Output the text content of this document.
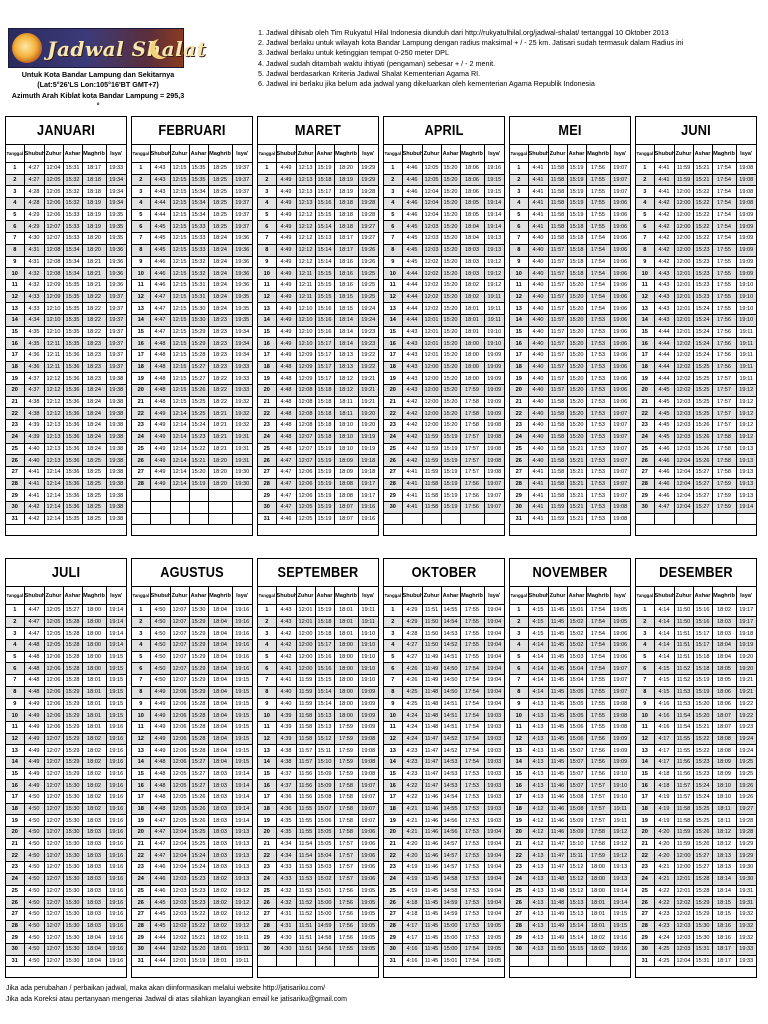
Jadwal Shalat
Untuk Kota Bandar Lampung dan Sekitarnya
(Lat:5°26'LS Lon:105°16'BT GMT+7)
Azimuth Arah Kiblat kota Bandar Lampung = 295,3 °
1. Jadwal dihisab oleh Tim Rukyatul Hilal Indonesia diunduh dari http://rukyatulhilal.org/jadwal-shalat/ tertanggal 10 Oktober 2013
2. Jadwal berlaku untuk wilayah kota Bandar Lampung dengan radius maksimal + / - 25 km. Jatisari sudah termasuk dalam Radius ini
3. Jadwal berlaku untuk ketinggian tempat 0-250 meter DPL
4. Jadwal sudah ditambah waktu ihtiyati (pengaman) sebesar + / - 2 menit.
5. Jadwal berdasarkan Kriteria Jadwal Shalat Kementerian Agama RI.
6. Jadwal ini berlaku jika belum ada jadwal yang dikeluarkan oleh kementerian Agama Republik Indonesia
JANUARI
Tanggal	Shubuh	Zuhur	Ashar	Maghrib	Isya'
1	4:27	12:04	15:31	18:17	19:33
2	4:27	12:05	15:32	18:18	19:34
3	4:28	12:05	15:32	18:18	19:34
4	4:28	12:06	15:32	18:19	19:34
5	4:29	12:06	15:33	18:19	19:35
6	4:29	12:07	15:33	18:19	19:35
7	4:30	12:07	15:33	18:20	19:35
8	4:31	12:08	15:34	18:20	19:36
9	4:31	12:08	15:34	18:21	19:36
10	4:32	12:08	15:34	18:21	19:36
11	4:32	12:09	15:35	18:21	19:36
12	4:33	12:09	15:35	18:22	19:37
13	4:33	12:10	15:35	18:22	19:37
14	4:34	12:10	15:35	18:22	19:37
15	4:35	12:10	15:35	18:22	19:37
16	4:35	12:11	15:35	18:23	19:37
17	4:36	12:11	15:36	18:23	19:37
18	4:36	12:11	15:36	18:23	19:37
19	4:37	12:12	15:36	18:23	19:38
20	4:37	12:12	15:36	18:24	19:38
21	4:38	12:12	15:36	18:24	19:38
22	4:38	12:12	15:36	18:24	19:38
23	4:39	12:13	15:36	18:24	19:38
24	4:39	12:13	15:36	18:24	19:38
25	4:40	12:13	15:36	18:24	19:38
26	4:40	12:13	15:36	18:25	19:38
27	4:41	12:14	15:36	18:25	19:38
28	4:41	12:14	15:36	18:25	19:38
29	4:41	12:14	15:36	18:25	19:38
30	4:42	12:14	15:36	18:25	19:38
31	4:42	12:14	15:35	18:25	19:38
FEBRUARI
Tanggal	Shubuh	Zuhur	Ashar	Maghrib	Isya'
1	4:43	12:15	15:35	18:25	19:37
2	4:43	12:15	15:35	18:25	19:37
3	4:43	12:15	15:34	18:25	19:37
4	4:44	12:15	15:34	18:25	19:37
5	4:44	12:15	15:34	18:25	19:37
6	4:45	12:15	15:33	18:25	19:37
7	4:45	12:15	15:33	18:24	19:36
8	4:45	12:15	15:33	18:24	19:36
9	4:46	12:15	15:32	18:24	19:36
10	4:46	12:15	15:32	18:24	19:36
11	4:46	12:15	15:31	18:24	19:36
12	4:47	12:15	15:31	18:24	19:35
13	4:47	12:15	15:30	18:24	19:35
14	4:47	12:15	15:30	18:23	19:35
15	4:47	12:15	15:29	18:23	19:34
16	4:48	12:15	15:29	18:23	19:34
17	4:48	12:15	15:28	18:23	19:34
18	4:48	12:15	15:27	18:23	19:33
19	4:48	12:15	15:27	18:22	19:33
20	4:48	12:15	15:26	18:22	19:33
21	4:48	12:15	15:25	18:22	19:32
22	4:49	12:14	15:25	18:21	19:32
23	4:49	12:14	15:24	18:21	19:32
24	4:49	12:14	15:23	18:21	19:31
25	4:49	12:14	15:22	18:21	19:31
26	4:49	12:14	15:21	18:20	19:31
27	4:49	12:14	15:20	18:20	19:30
28	4:49	12:14	15:19	18:20	19:30

MARET
Tanggal	Shubuh	Zuhur	Ashar	Maghrib	Isya'
1	4:49	12:13	15:19	18:20	19:29
2	4:49	12:13	15:18	18:19	19:29
3	4:49	12:13	15:17	18:19	19:28
4	4:49	12:13	15:16	18:18	19:28
5	4:49	12:12	15:15	18:18	19:28
6	4:49	12:12	15:14	18:18	19:27
7	4:49	12:12	15:13	18:17	19:27
8	4:49	12:12	15:14	18:17	19:26
9	4:49	12:12	15:14	18:16	19:26
10	4:49	12:11	15:15	18:16	19:25
11	4:49	12:11	15:15	18:16	19:25
12	4:49	12:11	15:15	18:15	19:25
13	4:49	12:10	15:16	18:15	19:24
14	4:49	12:10	15:16	18:14	19:24
15	4:49	12:10	15:16	18:14	19:23
16	4:49	12:10	15:17	18:14	19:23
17	4:49	12:09	15:17	18:13	19:22
18	4:48	12:09	15:17	18:13	19:22
19	4:48	12:09	15:17	18:12	19:21
20	4:48	12:08	15:18	18:12	19:21
21	4:48	12:08	15:18	18:11	19:21
22	4:48	12:08	15:18	18:11	19:20
23	4:48	12:08	15:18	18:10	19:20
24	4:48	12:07	15:18	18:10	19:19
25	4:48	12:07	15:19	18:10	19:19
26	4:47	12:07	15:19	18:09	19:18
27	4:47	12:06	15:19	18:09	19:18
28	4:47	12:06	15:19	18:08	19:17
29	4:47	12:06	15:19	18:08	19:17
30	4:47	12:05	15:19	18:07	19:16
31	4:46	12:05	15:19	18:07	19:16
APRIL
Tanggal	Shubuh	Zuhur	Ashar	Maghrib	Isya'
1	4:46	12:05	15:20	18:06	19:16
2	4:46	12:05	15:20	18:06	19:15
3	4:46	12:04	15:20	18:06	19:15
4	4:46	12:04	15:20	18:05	19:14
5	4:46	12:04	15:20	18:05	19:14
6	4:45	12:03	15:20	18:04	19:14
7	4:45	12:03	15:20	18:04	19:13
8	4:45	12:03	15:20	18:03	19:13
9	4:45	12:02	15:20	18:03	19:12
10	4:44	12:02	15:20	18:03	19:12
11	4:44	12:02	15:20	18:02	19:12
12	4:44	12:02	15:20	18:02	19:11
13	4:44	12:02	15:20	18:01	19:11
14	4:44	12:01	15:20	18:01	19:11
15	4:43	12:01	15:20	18:01	19:10
16	4:43	12:01	15:20	18:00	19:10
17	4:43	12:01	15:20	18:00	19:09
18	4:43	12:00	15:20	18:00	19:09
19	4:43	12:00	15:20	18:00	19:09
20	4:43	12:00	15:20	17:59	19:09
21	4:42	12:00	15:20	17:58	19:09
22	4:42	12:00	15:20	17:58	19:09
23	4:42	12:00	15:20	17:58	19:08
24	4:42	11:59	15:19	17:57	19:08
25	4:42	11:59	15:19	17:57	19:08
26	4:42	11:59	15:19	17:57	19:08
27	4:41	11:59	15:19	17:57	19:08
28	4:41	11:58	15:19	17:56	19:07
29	4:41	11:58	15:19	17:56	19:07
30	4:41	11:58	15:19	17:56	19:07

MEI
Tanggal	Shubuh	Zuhur	Ashar	Maghrib	Isya'
1	4:41	11:58	15:19	17:56	19:07
2	4:41	11:58	15:19	17:55	19:07
3	4:41	11:58	15:19	17:55	19:07
4	4:41	11:58	15:19	17:55	19:06
5	4:41	11:58	15:19	17:55	19:06
6	4:41	11:58	15:18	17:55	19:06
7	4:40	11:58	15:18	17:54	19:06
8	4:40	11:57	15:18	17:54	19:06
9	4:40	11:57	15:18	17:54	19:06
10	4:40	11:57	15:18	17:54	19:06
11	4:40	11:57	15:20	17:54	19:06
12	4:40	11:57	15:20	17:54	19:06
13	4:40	11:57	15:20	17:54	19:06
14	4:40	11:57	15:20	17:53	19:06
15	4:40	11:57	15:20	17:53	19:06
16	4:40	11:57	15:20	17:53	19:06
17	4:40	11:57	15:20	17:53	19:06
18	4:40	11:57	15:20	17:53	19:06
19	4:40	11:57	15:20	17:53	19:06
20	4:40	11:57	15:20	17:53	19:06
21	4:40	11:58	15:20	17:53	19:06
22	4:40	11:58	15:20	17:53	19:07
23	4:40	11:58	15:20	17:53	19:07
24	4:40	11:58	15:20	17:53	19:07
25	4:40	11:58	15:21	17:53	19:07
26	4:40	11:58	15:21	17:53	19:07
27	4:41	11:58	15:21	17:53	19:07
28	4:41	11:58	15:21	17:53	19:07
29	4:41	11:58	15:21	17:53	19:07
30	4:41	11:59	15:21	17:53	19:08
31	4:41	11:59	15:21	17:53	19:08
JUNI
Tanggal	Shubuh	Zuhur	Ashar	Maghrib	Isya'
1	4:41	11:59	15:21	17:54	19:08
2	4:41	11:59	15:21	17:54	19:08
3	4:41	12:00	15:22	17:54	19:08
4	4:42	12:00	15:22	17:54	19:08
5	4:42	12:00	15:22	17:54	19:09
6	4:42	12:00	15:22	17:54	19:09
7	4:42	12:00	15:22	17:54	19:09
8	4:42	12:00	15:23	17:55	19:09
9	4:42	12:00	15:23	17:55	19:09
10	4:43	12:01	15:23	17:55	19:09
11	4:43	12:01	15:23	17:55	19:10
12	4:43	12:01	15:23	17:55	19:10
13	4:43	12:01	15:24	17:55	19:10
14	4:43	12:01	15:24	17:56	19:10
15	4:44	12:01	15:24	17:56	19:11
16	4:44	12:02	15:24	17:56	19:11
17	4:44	12:02	15:24	17:56	19:11
18	4:44	12:02	15:25	17:56	19:11
19	4:44	12:02	15:25	17:57	19:11
20	4:45	12:02	15:25	17:57	19:12
21	4:45	12:03	15:25	17:57	19:12
22	4:45	12:03	15:25	17:57	19:12
23	4:45	12:03	15:26	17:57	19:12
24	4:45	12:03	15:26	17:58	19:12
25	4:46	12:03	15:26	17:58	19:13
26	4:46	12:04	15:26	17:58	19:13
27	4:46	12:04	15:27	17:58	19:13
28	4:46	12:04	15:27	17:59	19:13
29	4:46	12:04	15:27	17:59	19:13
30	4:47	12:04	15:27	17:59	19:14

JULI
Tanggal	Shubuh	Zuhur	Ashar	Maghrib	Isya'
1	4:47	12:05	15:27	18:00	19:14
2	4:47	12:05	15:28	18:00	19:14
3	4:47	12:05	15:28	18:00	19:14
4	4:48	12:05	15:28	18:00	19:14
5	4:48	12:06	15:28	18:00	19:15
6	4:48	12:06	15:28	18:00	19:15
7	4:48	12:06	15:28	18:01	19:15
8	4:48	12:06	15:29	18:01	19:15
9	4:49	12:06	15:29	18:01	19:15
10	4:49	12:06	15:29	18:01	19:15
11	4:49	12:06	15:29	18:01	19:16
12	4:49	12:07	15:29	18:02	19:16
13	4:49	12:07	15:29	18:02	19:16
14	4:49	12:07	15:29	18:02	19:16
15	4:49	12:07	15:29	18:02	19:16
16	4:49	12:07	15:30	18:02	19:16
17	4:50	12:07	15:30	18:02	19:16
18	4:50	12:07	15:30	18:02	19:16
19	4:50	12:07	15:30	18:03	19:16
20	4:50	12:07	15:30	18:03	19:16
21	4:50	12:07	15:30	18:03	19:16
22	4:50	12:07	15:30	18:03	19:16
23	4:50	12:07	15:30	18:03	19:16
24	4:50	12:07	15:30	18:03	19:16
25	4:50	12:07	15:30	18:03	19:16
26	4:50	12:07	15:30	18:03	19:16
27	4:50	12:07	15:30	18:03	19:16
28	4:50	12:07	15:30	18:03	19:16
29	4:50	12:07	15:30	18:04	19:16
30	4:50	12:07	15:30	18:04	19:16
31	4:50	12:07	15:30	18:04	19:16
AGUSTUS
Tanggal	Shubuh	Zuhur	Ashar	Maghrib	Isya'
1	4:50	12:07	15:30	18:04	19:16
2	4:50	12:07	15:29	18:04	19:16
3	4:50	12:07	15:29	18:04	19:16
4	4:50	12:07	15:29	18:04	19:16
5	4:50	12:07	15:29	18:04	19:16
6	4:50	12:07	15:29	18:04	19:16
7	4:50	12:07	15:29	18:04	19:15
8	4:49	12:06	15:29	18:04	19:15
9	4:49	12:06	15:28	18:04	19:15
10	4:49	12:06	15:28	18:04	19:15
11	4:49	12:06	15:28	18:04	19:15
12	4:49	12:06	15:28	18:04	19:15
13	4:49	12:06	15:28	18:04	19:15
14	4:48	12:06	15:27	18:04	19:15
15	4:48	12:05	15:27	18:03	19:14
16	4:48	12:05	15:27	18:03	19:14
17	4:48	12:05	15:26	18:03	19:14
18	4:48	12:05	15:26	18:03	19:14
19	4:47	12:05	15:26	18:03	19:14
20	4:47	12:04	15:25	18:03	19:13
21	4:47	12:04	15:25	18:03	19:13
22	4:47	12:04	15:24	18:03	19:13
23	4:46	12:04	15:24	18:03	19:13
24	4:46	12:03	15:23	18:02	19:13
25	4:46	12:03	15:23	18:02	19:12
26	4:45	12:03	15:23	18:02	19:12
27	4:45	12:03	15:22	18:02	19:12
28	4:45	12:02	15:22	18:02	19:12
29	4:44	12:02	15:21	18:02	19:11
30	4:44	12:02	15:20	18:01	19:11
31	4:44	12:01	15:19	18:01	19:11
SEPTEMBER
Tanggal	Shubuh	Zuhur	Ashar	Maghrib	Isya'
1	4:43	12:01	15:19	18:01	19:11
2	4:43	12:01	15:18	18:01	19:11
3	4:42	12:00	15:18	18:01	19:10
4	4:42	12:00	15:17	18:00	19:10
5	4:42	12:00	15:16	18:00	19:10
6	4:41	12:00	15:16	18:00	19:10
7	4:41	11:59	15:15	18:00	19:10
8	4:40	11:59	15:14	18:00	19:09
9	4:40	11:59	15:14	18:00	19:09
10	4:39	11:58	15:13	18:00	19:09
11	4:39	11:58	15:13	17:59	19:09
12	4:39	11:58	15:12	17:59	19:08
13	4:38	11:57	15:11	17:59	19:08
14	4:38	11:57	15:10	17:59	19:08
15	4:37	11:56	15:09	17:59	19:08
16	4:37	11:56	15:09	17:58	19:07
17	4:36	11:56	15:08	17:58	19:07
18	4:36	11:55	15:07	17:58	19:07
19	4:35	11:55	15:06	17:58	19:07
20	4:35	11:55	15:05	17:58	19:06
21	4:34	11:54	15:05	17:57	19:06
22	4:34	11:54	15:04	17:57	19:06
23	4:33	11:53	15:03	17:57	19:06
24	4:33	11:53	15:02	17:57	19:06
25	4:32	11:53	15:01	17:56	19:05
26	4:32	11:52	15:00	17:56	19:05
27	4:31	11:52	15:00	17:56	19:05
28	4:31	11:51	14:59	17:56	19:05
29	4:30	11:51	14:58	17:56	19:05
30	4:30	11:51	14:56	17:55	19:05

OKTOBER
Tanggal	Shubuh	Zuhur	Ashar	Maghrib	Isya'
1	4:29	11:51	14:55	17:55	19:04
2	4:29	11:50	14:54	17:55	19:04
3	4:28	11:50	14:53	17:55	19:04
4	4:27	11:50	14:52	17:55	19:04
5	4:27	11:49	14:51	17:55	19:04
6	4:26	11:49	14:50	17:54	19:04
7	4:26	11:49	14:50	17:54	19:04
8	4:25	11:48	14:50	17:54	19:04
9	4:25	11:48	14:51	17:54	19:04
10	4:24	11:48	14:51	17:54	19:03
11	4:24	11:48	14:51	17:54	19:03
12	4:24	11:47	14:52	17:54	19:03
13	4:23	11:47	14:52	17:54	19:03
14	4:23	11:47	14:53	17:54	19:03
15	4:23	11:47	14:53	17:53	19:03
16	4:22	11:47	14:53	17:53	19:03
17	4:22	11:46	14:54	17:53	19:03
18	4:21	11:46	14:55	17:53	19:03
19	4:21	11:46	14:56	17:53	19:03
20	4:21	11:46	14:56	17:53	19:04
21	4:20	11:46	14:57	17:53	19:04
22	4:20	11:46	14:57	17:53	19:04
23	4:19	11:46	14:57	17:53	19:04
24	4:19	11:45	14:58	17:53	19:04
25	4:19	11:45	14:58	17:53	19:04
26	4:18	11:45	14:59	17:53	19:04
27	4:18	11:45	14:59	17:53	19:04
28	4:17	11:45	15:00	17:53	19:05
29	4:17	11:45	15:00	17:53	19:05
30	4:16	11:45	15:00	17:54	19:05
31	4:16	11:45	15:01	17:54	19:05
NOVEMBER
Tanggal	Shubuh	Zuhur	Ashar	Maghrib	Isya'
1	4:15	11:45	15:01	17:54	19:05
2	4:15	11:45	15:02	17:54	19:05
3	4:15	11:45	15:02	17:54	19:06
4	4:14	11:45	15:02	17:54	19:06
5	4:14	11:45	15:03	17:54	19:06
6	4:14	11:45	15:04	17:54	19:07
7	4:14	11:45	15:04	17:55	19:07
8	4:14	11:45	15:05	17:55	19:07
9	4:13	11:45	15:05	17:55	19:08
10	4:13	11:45	15:05	17:55	19:08
11	4:13	11:45	15:06	17:55	19:08
12	4:13	11:45	15:06	17:56	19:09
13	4:13	11:45	15:07	17:56	19:09
14	4:13	11:45	15:07	17:56	19:09
15	4:13	11:45	15:07	17:56	19:10
16	4:13	11:46	15:07	17:57	19:10
17	4:13	11:46	15:08	17:57	19:10
18	4:12	11:46	15:08	17:57	19:11
19	4:12	11:46	15:09	17:57	19:11
20	4:12	11:46	15:09	17:58	19:12
21	4:12	11:47	15:10	17:58	19:12
22	4:13	11:47	15:11	17:59	19:12
23	4:13	11:47	15:12	18:00	19:13
24	4:13	11:48	15:12	18:00	19:13
25	4:13	11:48	15:12	18:00	19:14
26	4:13	11:48	15:13	18:01	19:14
27	4:13	11:49	15:13	18:01	19:15
28	4:13	11:49	15:14	18:01	19:15
29	4:13	11:49	15:14	18:02	19:16
30	4:13	11:50	15:15	18:02	19:16

DESEMBER
Tanggal	Shubuh	Zuhur	Ashar	Maghrib	Isya'
1	4:14	11:50	15:16	18:02	19:17
2	4:14	11:50	15:16	18:03	19:17
3	4:14	11:51	15:17	18:03	19:18
4	4:14	11:51	15:17	18:04	19:19
5	4:14	11:51	15:18	18:04	19:20
6	4:15	11:52	15:18	18:05	19:20
7	4:15	11:52	15:19	18:05	19:21
8	4:15	11:53	15:19	18:06	19:21
9	4:16	11:53	15:20	18:06	19:22
10	4:16	11:54	15:20	18:07	19:22
11	4:16	11:54	15:21	18:07	19:23
12	4:17	11:55	15:22	18:08	19:24
13	4:17	11:55	15:22	18:08	19:24
14	4:17	11:56	15:23	18:09	19:25
15	4:18	11:56	15:23	18:09	19:25
16	4:18	11:57	15:24	18:10	19:26
17	4:19	11:57	15:24	18:10	19:26
18	4:19	11:58	15:25	18:11	19:27
19	4:19	11:58	15:25	18:11	19:28
20	4:20	11:59	15:26	18:12	19:28
21	4:20	11:59	15:26	18:12	19:29
22	4:20	12:00	15:27	18:13	19:29
23	4:21	12:00	15:27	18:13	19:30
24	4:21	12:01	15:28	18:14	19:30
25	4:22	12:01	15:28	18:14	19:31
26	4:22	12:02	15:29	18:15	19:31
27	4:23	12:02	15:29	18:15	19:32
28	4:23	12:03	15:30	18:16	19:32
29	4:24	12:03	15:30	18:16	19:32
30	4:25	12:03	15:31	18:17	19:33
31	4:25	12:04	15:31	18:17	19:33
Jika ada perubahan / perbaikan jadwal, maka akan diinformasikan melalui website http://jatisariku.com/
Jika ada Koreksi atau pertanyaan mengenai Jadwal di atas silahkan layangkan email ke jatisariku@gmail.com
